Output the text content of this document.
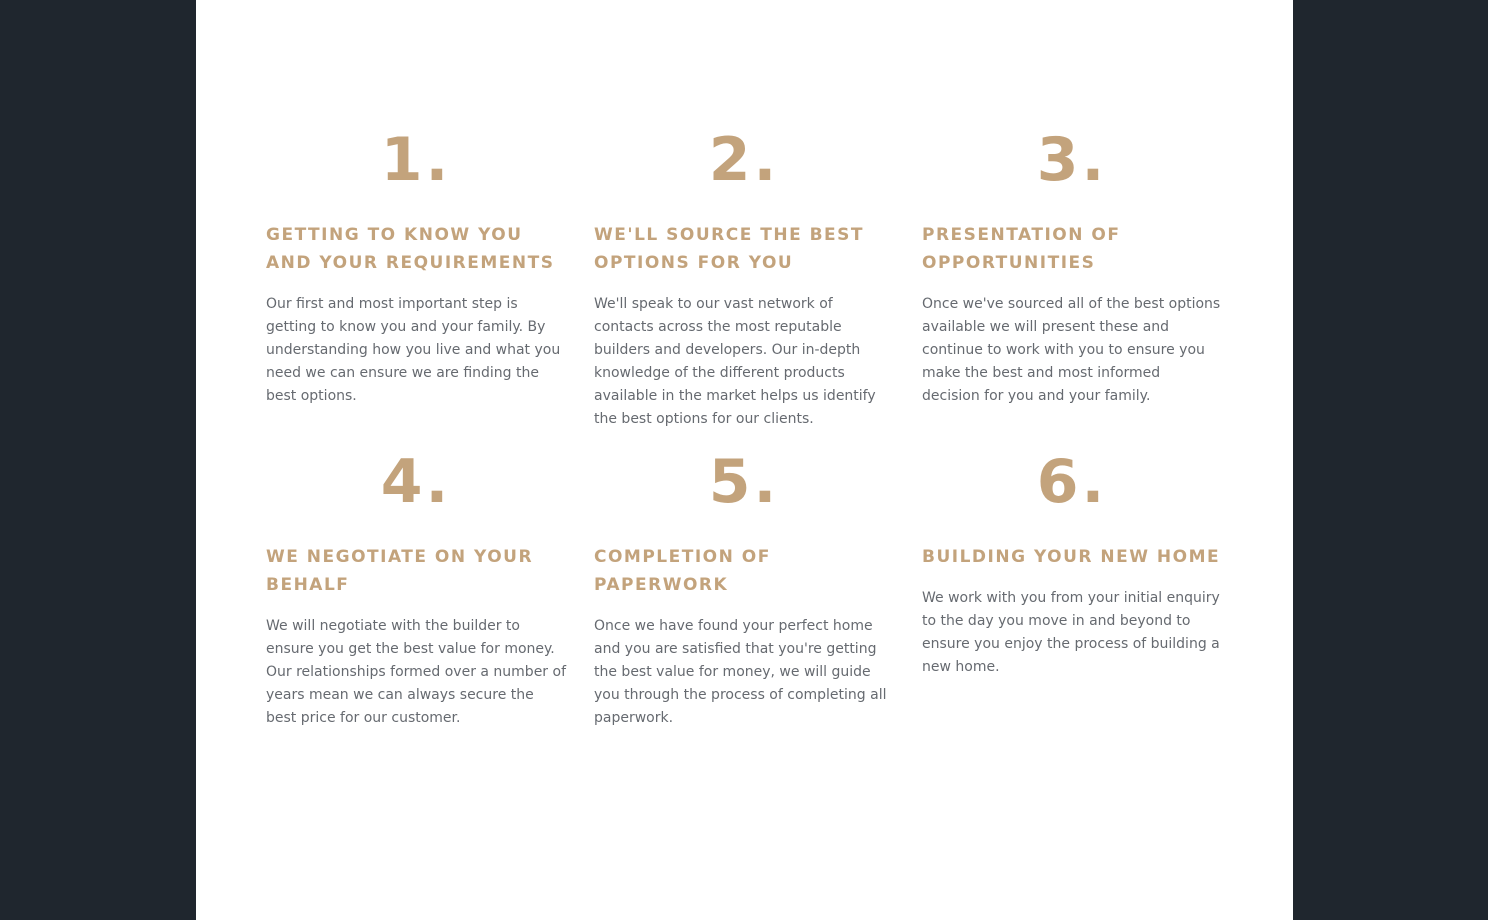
1.
GETTING TO KNOW YOU AND YOUR REQUIREMENTS

Our first and most important step is getting to know you and your family. By understanding how you live and what you need we can ensure we are finding the best options.

2.
WE'LL SOURCE THE BEST OPTIONS FOR YOU

We'll speak to our vast network of contacts across the most reputable builders and developers. Our in-depth knowledge of the different products available in the market helps us identify the best options for our clients.

3.
PRESENTATION OF OPPORTUNITIES

Once we've sourced all of the best options available we will present these and continue to work with you to ensure you make the best and most informed decision for you and your family.

4.
WE NEGOTIATE ON YOUR BEHALF

We will negotiate with the builder to ensure you get the best value for money. Our relationships formed over a number of years mean we can always secure the best price for our customer.

5.
COMPLETION OF PAPERWORK

Once we have found your perfect home and you are satisfied that you're getting the best value for money, we will guide you through the process of completing all paperwork.

6.
BUILDING YOUR NEW HOME

We work with you from your initial enquiry to the day you move in and beyond to ensure you enjoy the process of building a new home.
